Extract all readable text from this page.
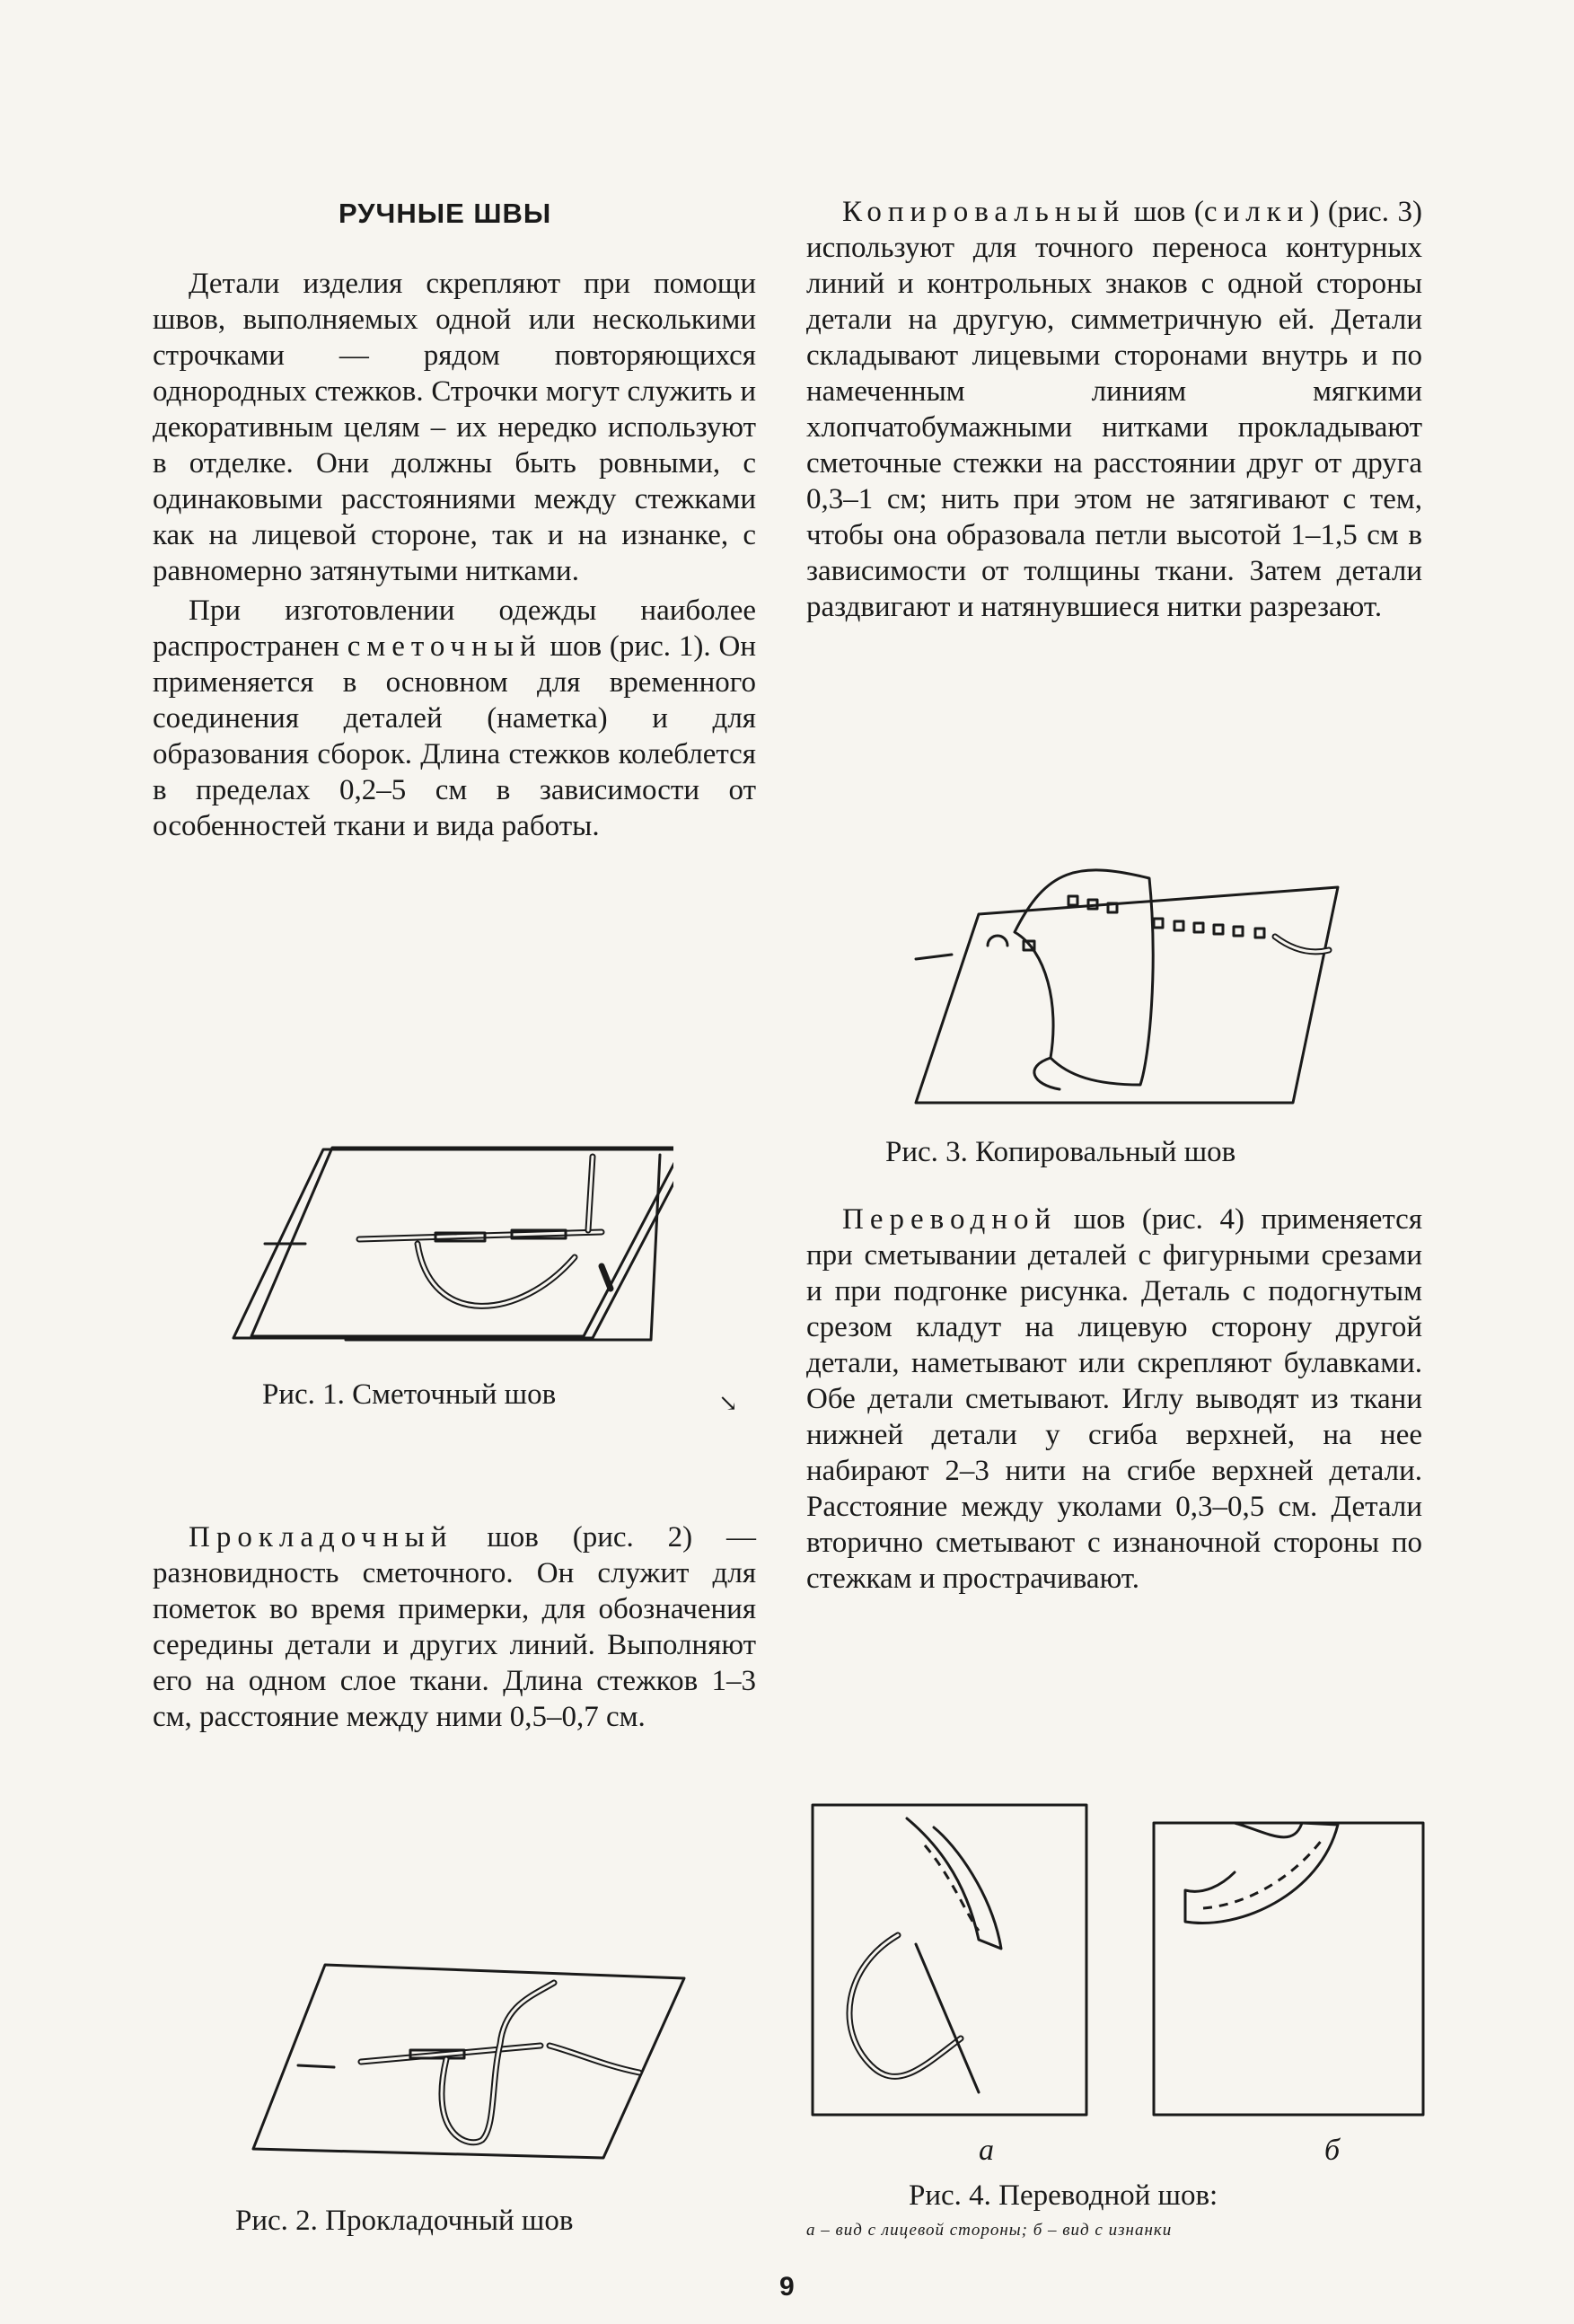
РУЧНЫЕ ШВЫ

Детали изделия скрепляют при помощи швов, выполняемых одной или несколькими строчками — рядом повторяющихся однородных стежков. Строчки могут служить и декоративным целям – их нередко используют в отделке. Они должны быть ровными, с одинаковыми расстояниями между стежками как на лицевой стороне, так и на изнанке, с равномерно затянутыми нитками.

При изготовлении одежды наиболее распространен сметочный шов (рис. 1). Он применяется в основном для временного соединения деталей (наметка) и для образования сборок. Длина стежков колеблется в пределах 0,2–5 см в зависимости от особенностей ткани и вида работы.

Рис. 1. Сметочный шов	↘

Прокладочный шов (рис. 2) — разновидность сметочного. Он служит для пометок во время примерки, для обозначения середины детали и других линий. Выполняют его на одном слое ткани. Длина стежков 1–3 см, расстояние между ними 0,5–0,7 см.

Рис. 2. Прокладочный шов

Копировальный шов (силки) (рис. 3) используют для точного переноса контурных линий и контрольных знаков с одной стороны детали на другую, симметричную ей. Детали складывают лицевыми сторонами внутрь и по намеченным линиям мягкими хлопчатобумажными нитками прокладывают сметочные стежки на расстоянии друг от друга 0,3–1 см; нить при этом не затягивают с тем, чтобы она образовала петли высотой 1–1,5 см в зависимости от толщины ткани. Затем детали раздвигают и натянувшиеся нитки разрезают.

Рис. 3. Копировальный шов

Переводной шов (рис. 4) применяется при сметывании деталей с фигурными срезами и при подгонке рисунка. Деталь с подогнутым срезом кладут на лицевую сторону другой детали, наметывают или скрепляют булавками. Обе детали сметывают. Иглу выводят из ткани нижней детали у сгиба верхней, на нее набирают 2–3 нити на сгибе верхней детали. Расстояние между уколами 0,3–0,5 см. Детали вторично сметывают с изнаночной стороны по стежкам и прострачивают.

а	б
Рис. 4. Переводной шов:
а – вид с лицевой стороны; б – вид с изнанки
9
